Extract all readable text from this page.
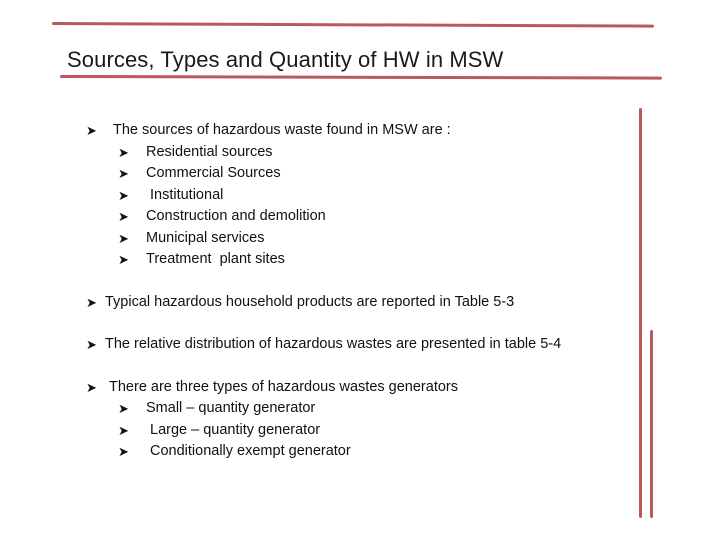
Sources, Types and Quantity of HW in MSW
➤ The sources of hazardous waste found in MSW are :
➤ Residential sources
➤ Commercial Sources
➤ Institutional
➤ Construction and demolition
➤ Municipal services
➤ Treatment  plant sites
➤ Typical hazardous household products are reported in Table 5-3
➤ The relative distribution of hazardous wastes are presented in table 5-4
➤ There are three types of hazardous wastes generators
➤ Small – quantity generator
➤ Large – quantity generator
➤ Conditionally exempt generator
